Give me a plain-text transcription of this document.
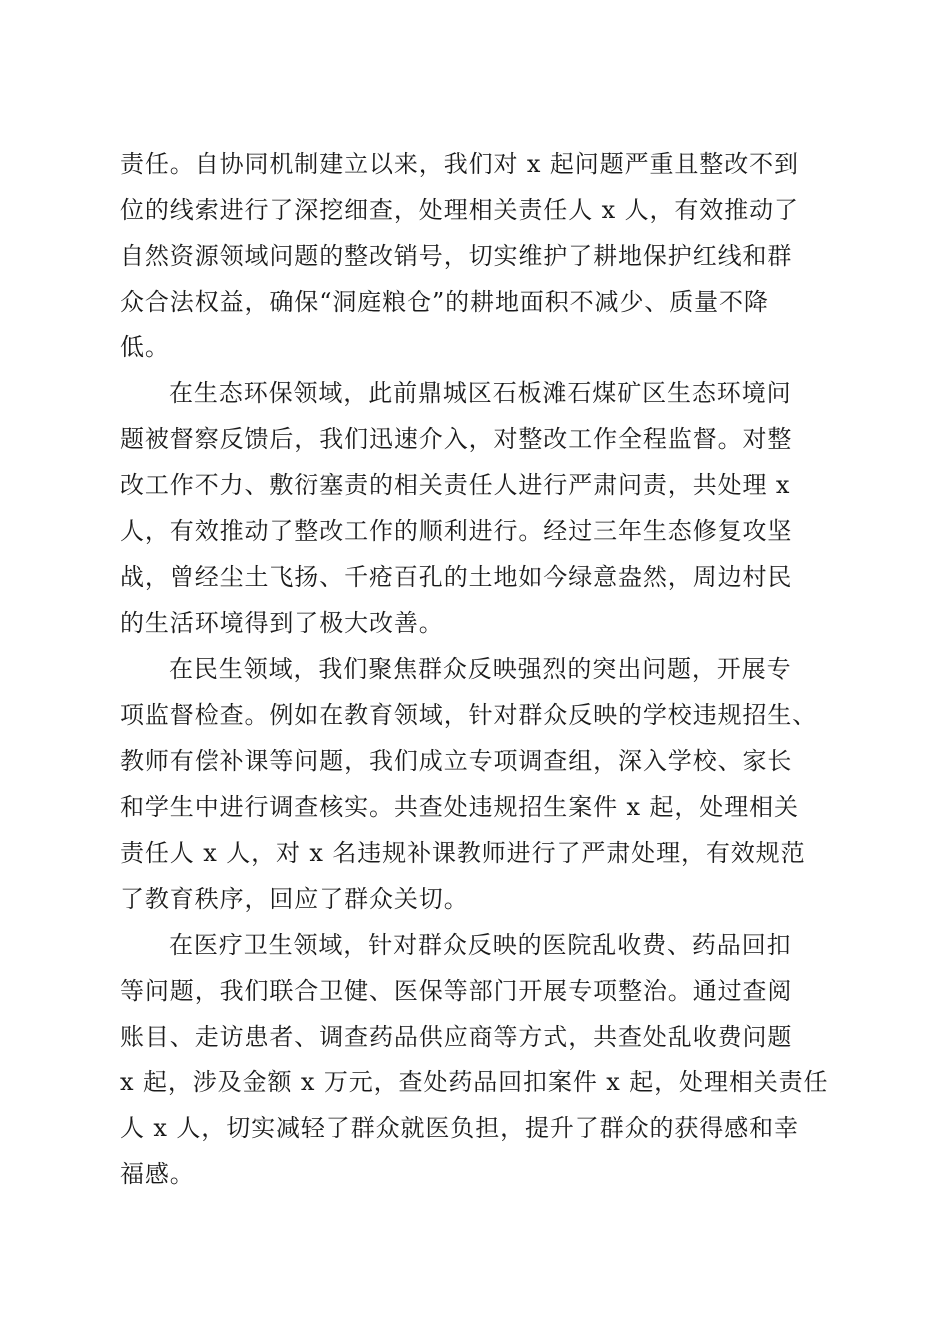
责任。自协同机制建立以来，我们对 x 起问题严重且整改不到
位的线索进行了深挖细查，处理相关责任人 x 人，有效推动了
自然资源领域问题的整改销号，切实维护了耕地保护红线和群
众合法权益，确保“洞庭粮仓”的耕地面积不减少、质量不降
低。
在生态环保领域，此前鼎城区石板滩石煤矿区生态环境问
题被督察反馈后，我们迅速介入，对整改工作全程监督。对整
改工作不力、敷衍塞责的相关责任人进行严肃问责，共处理 x
人，有效推动了整改工作的顺利进行。经过三年生态修复攻坚
战，曾经尘土飞扬、千疮百孔的土地如今绿意盎然，周边村民
的生活环境得到了极大改善。
在民生领域，我们聚焦群众反映强烈的突出问题，开展专
项监督检查。例如在教育领域，针对群众反映的学校违规招生、
教师有偿补课等问题，我们成立专项调查组，深入学校、家长
和学生中进行调查核实。共查处违规招生案件 x 起，处理相关
责任人 x 人，对 x 名违规补课教师进行了严肃处理，有效规范
了教育秩序，回应了群众关切。
在医疗卫生领域，针对群众反映的医院乱收费、药品回扣
等问题，我们联合卫健、医保等部门开展专项整治。通过查阅
账目、走访患者、调查药品供应商等方式，共查处乱收费问题
x 起，涉及金额 x 万元，查处药品回扣案件 x 起，处理相关责任
人 x 人，切实减轻了群众就医负担，提升了群众的获得感和幸
福感。
